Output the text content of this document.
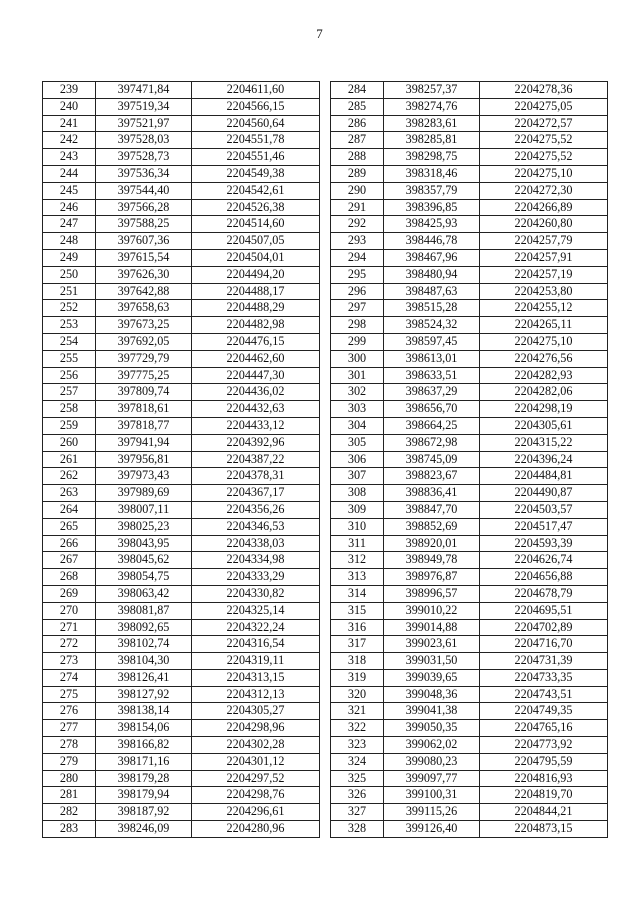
7
239	397471,84	2204611,60
240	397519,34	2204566,15
241	397521,97	2204560,64
242	397528,03	2204551,78
243	397528,73	2204551,46
244	397536,34	2204549,38
245	397544,40	2204542,61
246	397566,28	2204526,38
247	397588,25	2204514,60
248	397607,36	2204507,05
249	397615,54	2204504,01
250	397626,30	2204494,20
251	397642,88	2204488,17
252	397658,63	2204488,29
253	397673,25	2204482,98
254	397692,05	2204476,15
255	397729,79	2204462,60
256	397775,25	2204447,30
257	397809,74	2204436,02
258	397818,61	2204432,63
259	397818,77	2204433,12
260	397941,94	2204392,96
261	397956,81	2204387,22
262	397973,43	2204378,31
263	397989,69	2204367,17
264	398007,11	2204356,26
265	398025,23	2204346,53
266	398043,95	2204338,03
267	398045,62	2204334,98
268	398054,75	2204333,29
269	398063,42	2204330,82
270	398081,87	2204325,14
271	398092,65	2204322,24
272	398102,74	2204316,54
273	398104,30	2204319,11
274	398126,41	2204313,15
275	398127,92	2204312,13
276	398138,14	2204305,27
277	398154,06	2204298,96
278	398166,82	2204302,28
279	398171,16	2204301,12
280	398179,28	2204297,52
281	398179,94	2204298,76
282	398187,92	2204296,61
283	398246,09	2204280,96
284	398257,37	2204278,36
285	398274,76	2204275,05
286	398283,61	2204272,57
287	398285,81	2204275,52
288	398298,75	2204275,52
289	398318,46	2204275,10
290	398357,79	2204272,30
291	398396,85	2204266,89
292	398425,93	2204260,80
293	398446,78	2204257,79
294	398467,96	2204257,91
295	398480,94	2204257,19
296	398487,63	2204253,80
297	398515,28	2204255,12
298	398524,32	2204265,11
299	398597,45	2204275,10
300	398613,01	2204276,56
301	398633,51	2204282,93
302	398637,29	2204282,06
303	398656,70	2204298,19
304	398664,25	2204305,61
305	398672,98	2204315,22
306	398745,09	2204396,24
307	398823,67	2204484,81
308	398836,41	2204490,87
309	398847,70	2204503,57
310	398852,69	2204517,47
311	398920,01	2204593,39
312	398949,78	2204626,74
313	398976,87	2204656,88
314	398996,57	2204678,79
315	399010,22	2204695,51
316	399014,88	2204702,89
317	399023,61	2204716,70
318	399031,50	2204731,39
319	399039,65	2204733,35
320	399048,36	2204743,51
321	399041,38	2204749,35
322	399050,35	2204765,16
323	399062,02	2204773,92
324	399080,23	2204795,59
325	399097,77	2204816,93
326	399100,31	2204819,70
327	399115,26	2204844,21
328	399126,40	2204873,15
